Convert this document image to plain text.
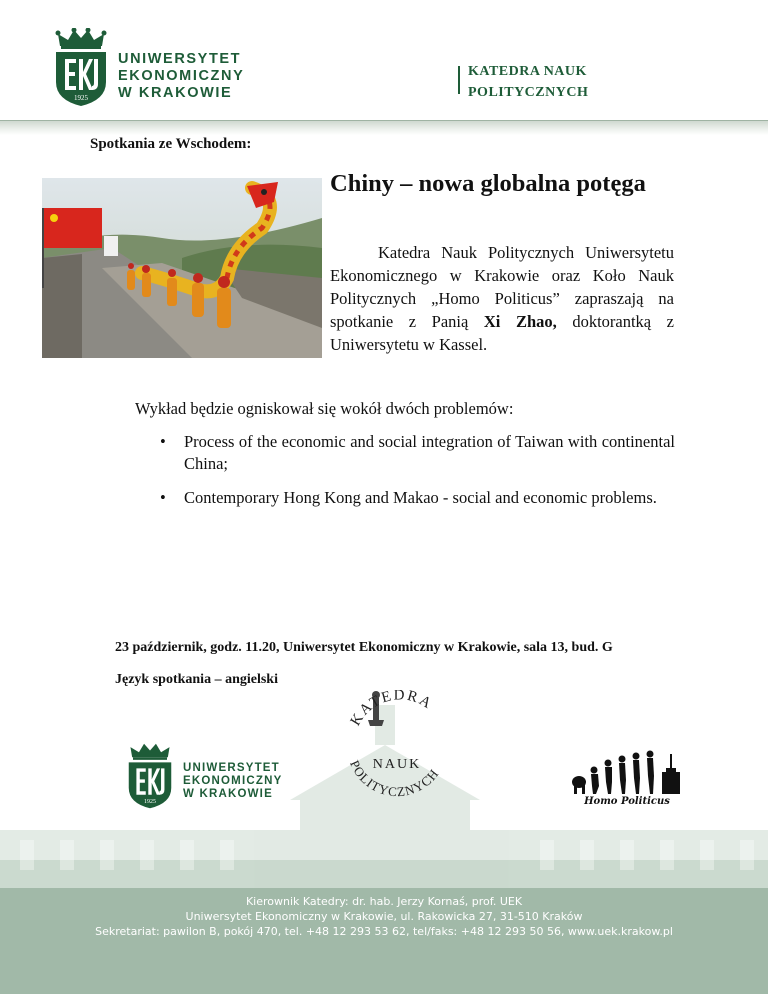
1925
UNIWERSYTET
EKONOMICZNY
W KRAKOWIE
KATEDRA NAUK
POLITYCZNYCH
Spotkania ze Wschodem:
Chiny – nowa globalna potęga
Katedra Nauk Politycznych Uniwersytetu Ekonomicznego w Krakowie oraz Koło Nauk Politycznych „Homo Politicus” zapraszają na spotkanie z Panią Xi Zhao, doktorantką z Uniwersytetu w Kassel.
Wykład będzie ogniskował się wokół dwóch problemów:
• Process of the economic and social integration of Taiwan with continental China;
• Contemporary Hong Kong and Makao - social and economic problems.
23 październik, godz. 11.20, Uniwersytet Ekonomiczny w Krakowie, sala 13, bud. G
Język spotkania – angielski
1925
UNIWERSYTET
EKONOMICZNY
W KRAKOWIE
KATEDRA
NAUK
POLITYCZNYCH
Homo Politicus
Kierownik Katedry: dr. hab. Jerzy Kornaś, prof. UEK
Uniwersytet Ekonomiczny w Krakowie, ul. Rakowicka 27, 31-510 Kraków
Sekretariat: pawilon B, pokój 470, tel. +48 12 293 53 62, tel/faks: +48 12 293 50 56, www.uek.krakow.pl
